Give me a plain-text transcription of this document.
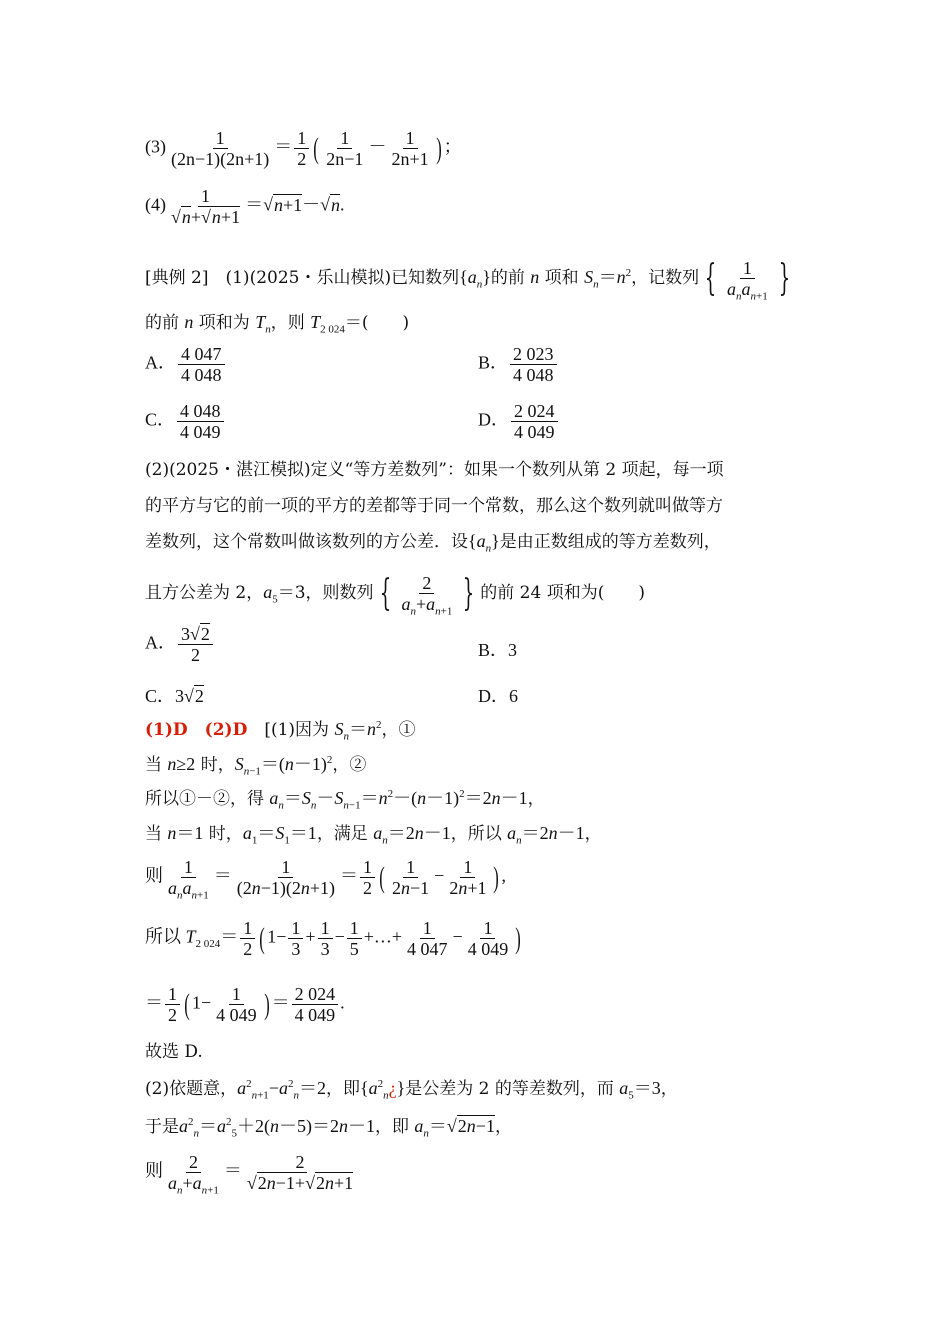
$(3) \frac{1}{(2n-1)(2n+1)} = \frac{1}{2}$ ( $\frac{1}{2n-1} - \frac{1}{2n+1}$ ) ；
$(4) \frac{1}{√n+√n+1} =√n+1-√n$.
[典例 2]　 (1)(2025・乐山模拟)已知数列$\{a_n\}$的前 n 项和 $S_n=n^2$，记数列 { $\frac{1}{a_na_{n+1}}$ }
的前 n 项和为 $T_n$，则 $T_{2 024}=$(　　)
A． $\frac{4 047}{4 048}$	B． $\frac{2 023}{4 048}$
C． $\frac{4 048}{4 049}$	D． $\frac{2 024}{4 049}$
(2)(2025・湛江模拟)定义“等方差数列”：如果一个数列从第 2 项起，每一项
的平方与它的前一项的平方的差都等于同一个常数，那么这个数列就叫做等方
差数列，这个常数叫做该数列的方公差．设$\{a_n\}$是由正数组成的等方差数列，
且方公差为 2，$a_5=3$，则数列 { $\frac{2}{a_n+a_{n+1}}$ } 的前 24 项和为(　　)
A． $\frac{3√2}{2}$	B．3
C．3√2	D．6
(1)D　 (2)D　 [(1)因为 $S_n=n^2$，①
当 n≥2 时，$S_{n-1}=(n-1)^2$，②
所以①－②，得 $a_n=S_n-S_{n-1}=n^2-(n-1)^2=2n-1$，
当 n＝1 时，$a_1=S_1=1$，满足 $a_n=2n-1$，所以 $a_n=2n-1$，
则 $\frac{1}{a_na_{n+1}} = \frac{1}{(2n-1)(2n+1)} = \frac{1}{2}$ ( $\frac{1}{2n-1} - \frac{1}{2n+1}$ ) ,
所以 $T_{2 024}= \frac{1}{2}$ ( $1- \frac{1}{3} + \frac{1}{3} - \frac{1}{5}$ +…+ $\frac{1}{4 047} - \frac{1}{4 049}$ )
＝ $\frac{1}{2}$ ( $1- \frac{1}{4 049}$ ) ＝ $\frac{2 024}{4 049}$ .
故选 D.
(2)依题意，$a^2_{n+1}-a^2_n=2$，即$\{a^2_n¿\}$是公差为 2 的等差数列，而 $a_5=3$，
于是$a^2_n=a^2_5+2(n-5)=2n-1$，即 $a_n=√2n-1$，
则 $\frac{2}{a_n+a_{n+1}} = \frac{2}{√2n-1+√2n+1}$
